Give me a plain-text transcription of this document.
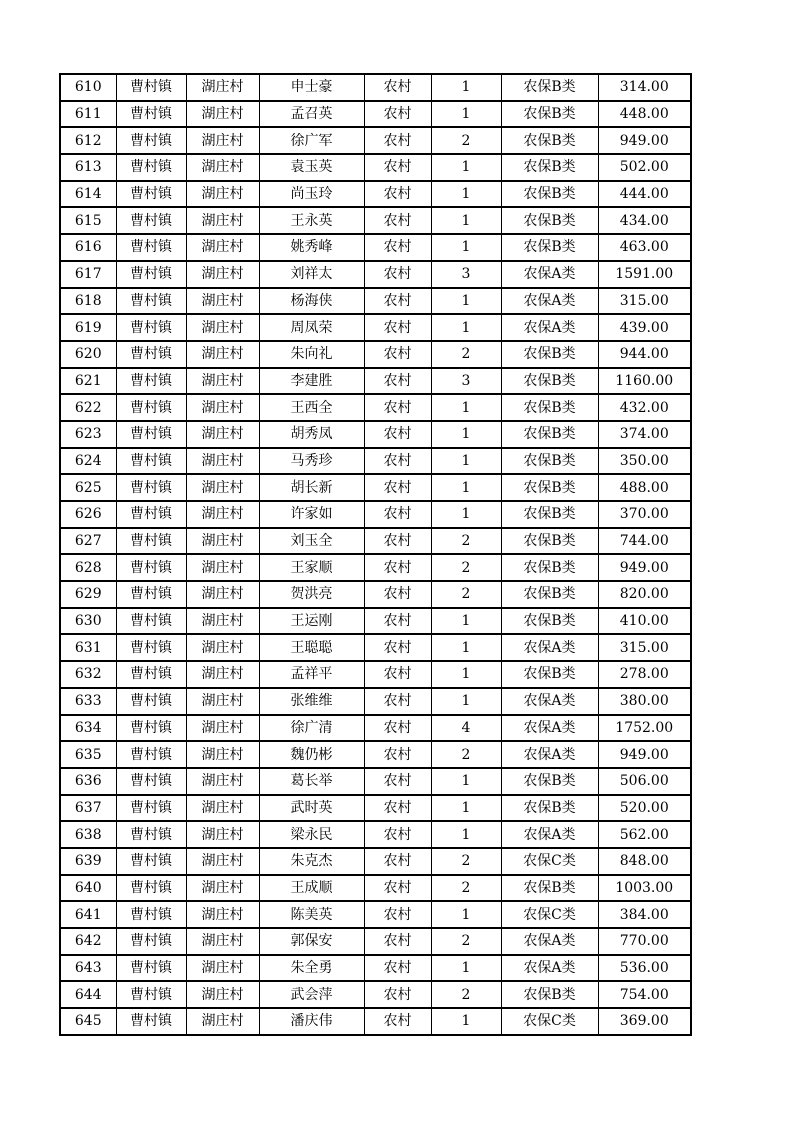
610	曹村镇	湖庄村	申士豪	农村	1	农保B类	314.00
611	曹村镇	湖庄村	孟召英	农村	1	农保B类	448.00
612	曹村镇	湖庄村	徐广军	农村	2	农保B类	949.00
613	曹村镇	湖庄村	袁玉英	农村	1	农保B类	502.00
614	曹村镇	湖庄村	尚玉玲	农村	1	农保B类	444.00
615	曹村镇	湖庄村	王永英	农村	1	农保B类	434.00
616	曹村镇	湖庄村	姚秀峰	农村	1	农保B类	463.00
617	曹村镇	湖庄村	刘祥太	农村	3	农保A类	1591.00
618	曹村镇	湖庄村	杨海侠	农村	1	农保A类	315.00
619	曹村镇	湖庄村	周凤荣	农村	1	农保A类	439.00
620	曹村镇	湖庄村	朱向礼	农村	2	农保B类	944.00
621	曹村镇	湖庄村	李建胜	农村	3	农保B类	1160.00
622	曹村镇	湖庄村	王西全	农村	1	农保B类	432.00
623	曹村镇	湖庄村	胡秀凤	农村	1	农保B类	374.00
624	曹村镇	湖庄村	马秀珍	农村	1	农保B类	350.00
625	曹村镇	湖庄村	胡长新	农村	1	农保B类	488.00
626	曹村镇	湖庄村	许家如	农村	1	农保B类	370.00
627	曹村镇	湖庄村	刘玉全	农村	2	农保B类	744.00
628	曹村镇	湖庄村	王家顺	农村	2	农保B类	949.00
629	曹村镇	湖庄村	贺洪亮	农村	2	农保B类	820.00
630	曹村镇	湖庄村	王运刚	农村	1	农保B类	410.00
631	曹村镇	湖庄村	王聪聪	农村	1	农保A类	315.00
632	曹村镇	湖庄村	孟祥平	农村	1	农保B类	278.00
633	曹村镇	湖庄村	张维维	农村	1	农保A类	380.00
634	曹村镇	湖庄村	徐广清	农村	4	农保A类	1752.00
635	曹村镇	湖庄村	魏仍彬	农村	2	农保A类	949.00
636	曹村镇	湖庄村	葛长举	农村	1	农保B类	506.00
637	曹村镇	湖庄村	武时英	农村	1	农保B类	520.00
638	曹村镇	湖庄村	梁永民	农村	1	农保A类	562.00
639	曹村镇	湖庄村	朱克杰	农村	2	农保C类	848.00
640	曹村镇	湖庄村	王成顺	农村	2	农保B类	1003.00
641	曹村镇	湖庄村	陈美英	农村	1	农保C类	384.00
642	曹村镇	湖庄村	郭保安	农村	2	农保A类	770.00
643	曹村镇	湖庄村	朱全勇	农村	1	农保A类	536.00
644	曹村镇	湖庄村	武会萍	农村	2	农保B类	754.00
645	曹村镇	湖庄村	潘庆伟	农村	1	农保C类	369.00
